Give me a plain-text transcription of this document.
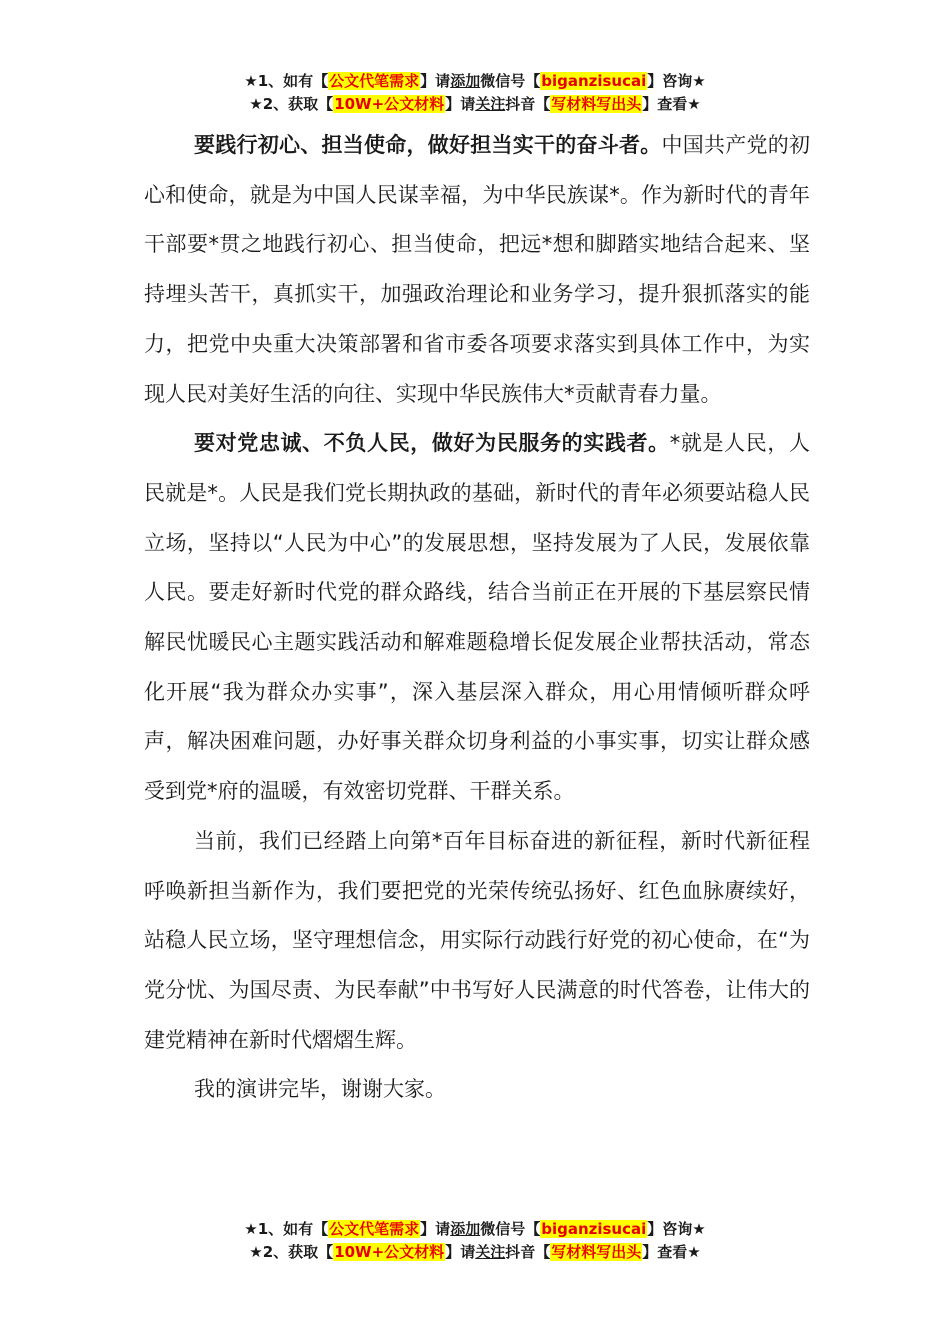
★1、如有【公文代笔需求】请添加微信号【biganzisucai】咨询★
★2、获取【10W+公文材料】请关注抖音【写材料写出头】查看★

要践行初心、担当使命，做好担当实干的奋斗者。中国共产党的初心和使命，就是为中国人民谋幸福，为中华民族谋*。作为新时代的青年干部要*贯之地践行初心、担当使命，把远*想和脚踏实地结合起来、坚持埋头苦干，真抓实干，加强政治理论和业务学习，提升狠抓落实的能力，把党中央重大决策部署和省市委各项要求落实到具体工作中，为实现人民对美好生活的向往、实现中华民族伟大*贡献青春力量。

要对党忠诚、不负人民，做好为民服务的实践者。*就是人民，人民就是*。人民是我们党长期执政的基础，新时代的青年必须要站稳人民立场，坚持以“人民为中心”的发展思想，坚持发展为了人民，发展依靠人民。要走好新时代党的群众路线，结合当前正在开展的下基层察民情解民忧暖民心主题实践活动和解难题稳增长促发展企业帮扶活动，常态化开展“我为群众办实事”，深入基层深入群众，用心用情倾听群众呼声，解决困难问题，办好事关群众切身利益的小事实事，切实让群众感受到党*府的温暖，有效密切党群、干群关系。

当前，我们已经踏上向第*百年目标奋进的新征程，新时代新征程呼唤新担当新作为，我们要把党的光荣传统弘扬好、红色血脉赓续好，站稳人民立场，坚守理想信念，用实际行动践行好党的初心使命，在“为党分忧、为国尽责、为民奉献”中书写好人民满意的时代答卷，让伟大的建党精神在新时代熠熠生辉。

我的演讲完毕，谢谢大家。

★1、如有【公文代笔需求】请添加微信号【biganzisucai】咨询★
★2、获取【10W+公文材料】请关注抖音【写材料写出头】查看★
